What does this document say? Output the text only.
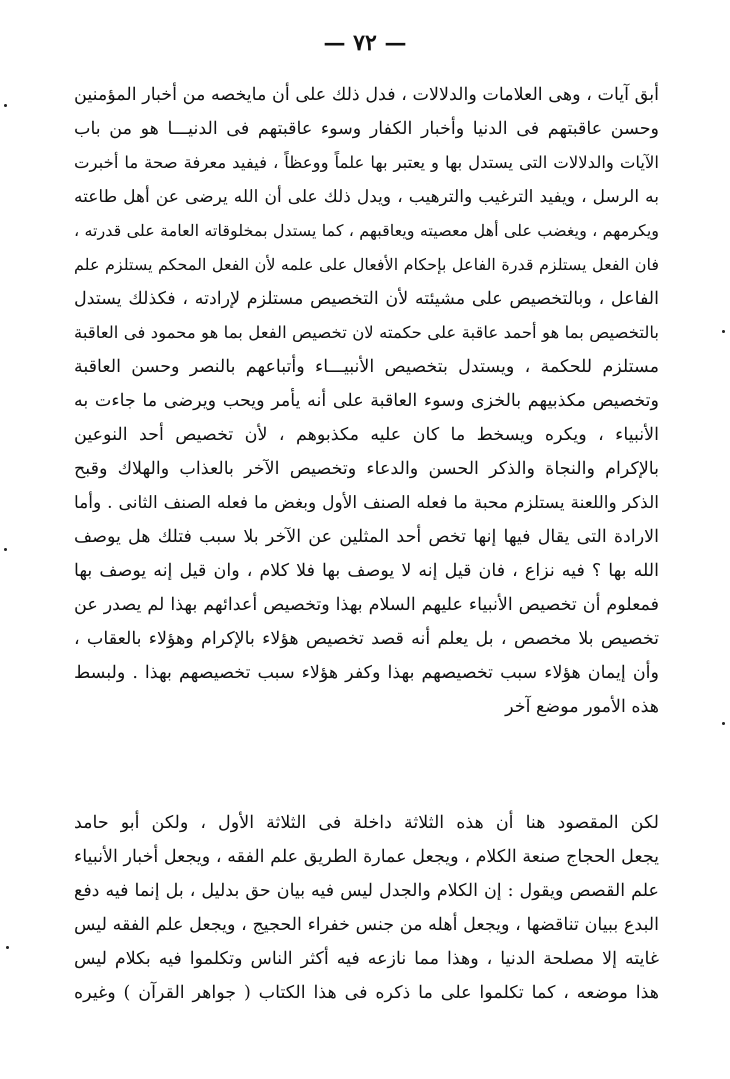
— ٧٢ —
أبق آيات ، وهى العلامات والدلالات ، فدل ذلك على أن مايخصه من أخبار المؤمنين
وحسن عاقبتهم فى الدنيا وأخبار الكفار وسوء عاقبتهم فى الدنيـــا هو من باب
الآيات والدلالات التى يستدل بها و يعتبر بها علماً ووعظاً ، فيفيد معرفة صحة ما أخبرت
به الرسل ، ويفيد الترغيب والترهيب ، ويدل ذلك على أن الله يرضى عن أهل طاعته
ويكرمهم ، ويغضب على أهل معصيته ويعاقبهم ، كما يستدل بمخلوقاته العامة على قدرته ،
فان الفعل يستلزم قدرة الفاعل بإحكام الأفعال على علمه لأن الفعل المحكم يستلزم علم
الفاعل ، وبالتخصيص على مشيئته لأن التخصيص مستلزم لإرادته ، فكذلك يستدل
بالتخصيص بما هو أحمد عاقبة على حكمته لان تخصيص الفعل بما هو محمود فى العاقبة
مستلزم للحكمة ، ويستدل بتخصيص الأنبيـــاء وأتباعهم بالنصر وحسن العاقبة
وتخصيص مكذبيهم بالخزى وسوء العاقبة على أنه يأمر ويحب ويرضى ما جاءت به
الأنبياء ، ويكره ويسخط ما كان عليه مكذبوهم ، لأن تخصيص أحد النوعين
بالإكرام والنجاة والذكر الحسن والدعاء وتخصيص الآخر بالعذاب والهلاك وقبح
الذكر واللعنة يستلزم محبة ما فعله الصنف الأول وبغض ما فعله الصنف الثانى . وأما
الارادة التى يقال فيها إنها تخص أحد المثلين عن الآخر بلا سبب فتلك هل يوصف
الله بها ؟ فيه نزاع ، فان قيل إنه لا يوصف بها فلا كلام ، وان قيل إنه يوصف بها
فمعلوم أن تخصيص الأنبياء عليهم السلام بهذا وتخصيص أعدائهم بهذا لم يصدر عن
تخصيص بلا مخصص ، بل يعلم أنه قصد تخصيص هؤلاء بالإكرام وهؤلاء بالعقاب ،
وأن إيمان هؤلاء سبب تخصيصهم بهذا وكفر هؤلاء سبب تخصيصهم بهذا . ولبسط
هذه الأمور موضع آخر
لكن المقصود هنا أن هذه الثلاثة داخلة فى الثلاثة الأول ، ولكن أبو حامد
يجعل الحجاج صنعة الكلام ، ويجعل عمارة الطريق علم الفقه ، ويجعل أخبار الأنبياء
علم القصص ويقول : إن الكلام والجدل ليس فيه بيان حق بدليل ، بل إنما فيه دفع
البدع ببيان تناقضها ، ويجعل أهله من جنس خفراء الحجيج ، ويجعل علم الفقه ليس
غايته إلا مصلحة الدنيا ، وهذا مما نازعه فيه أكثر الناس وتكلموا فيه بكلام ليس
هذا موضعه ، كما تكلموا على ما ذكره فى هذا الكتاب ( جواهر القرآن ) وغيره
